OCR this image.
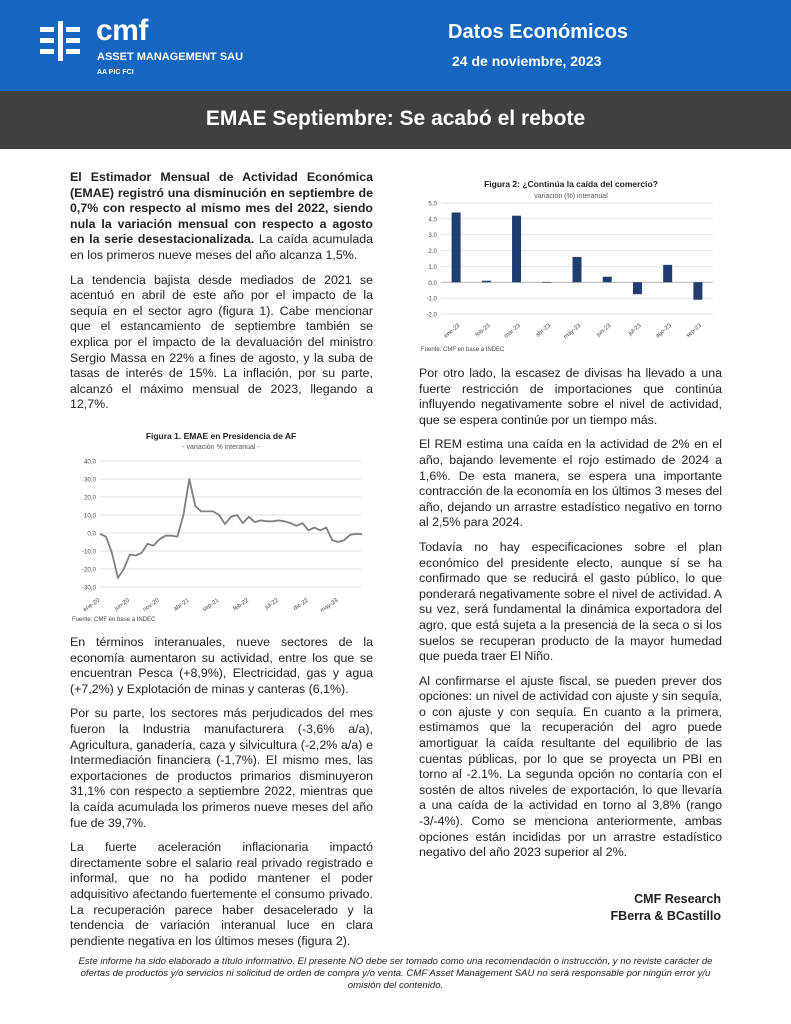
cmf
ASSET MANAGEMENT SAU
AA PIC FCI
Datos Económicos
24 de noviembre, 2023
EMAE Septiembre: Se acabó el rebote

El Estimador Mensual de Actividad Económica (EMAE) registró una disminución en septiembre de 0,7% con respecto al mismo mes del 2022, siendo nula la variación mensual con respecto a agosto en la serie desestacionalizada. La caída acumulada en los primeros nueve meses del año alcanza 1,5%.

La tendencia bajista desde mediados de 2021 se acentuó en abril de este año por el impacto de la sequía en el sector agro (figura 1). Cabe mencionar que el estancamiento de septiembre también se explica por el impacto de la devaluación del ministro Sergio Massa en 22% a fines de agosto, y la suba de tasas de interés de 15%. La inflación, por su parte, alcanzó el máximo mensual de 2023, llegando a 12,7%.

Figura 1. EMAE en Presidencia de AF
- variación % interanual -
40,0
30,0
20,0
10,0
0,0
-10,0
-20,0
-30,0
ene-20 jun-20 nov-20 abr-21 sep-21 feb-22 jul-22 dic-22 may-23
Fuente: CMF en base a INDEC

En términos interanuales, nueve sectores de la economía aumentaron su actividad, entre los que se encuentran Pesca (+8,9%), Electricidad, gas y agua (+7,2%) y Explotación de minas y canteras (6,1%).

Por su parte, los sectores más perjudicados del mes fueron la Industria manufacturera (-3,6% a/a), Agricultura, ganadería, caza y silvicultura (-2,2% a/a) e Intermediación financiera (-1,7%). El mismo mes, las exportaciones de productos primarios disminuyeron 31,1% con respecto a septiembre 2022, mientras que la caída acumulada los primeros nueve meses del año fue de 39,7%.

La fuerte aceleración inflacionaria impactó directamente sobre el salario real privado registrado e informal, que no ha podido mantener el poder adquisitivo afectando fuertemente el consumo privado. La recuperación parece haber desacelerado y la tendencia de variación interanual luce en clara pendiente negativa en los últimos meses (figura 2).

Figura 2: ¿Continúa la caída del comercio?
variación (%) interanual
5.0
4.0
3.0
2.0
1.0
0.0
-1.0
-2.0
ene-23 feb-23 mar-23 abr-23 may-23 jun-23	jul-23 ago-23 sep-23
Fuente: CMF en base a INDEC

Por otro lado, la escasez de divisas ha llevado a una fuerte restricción de importaciones que continúa influyendo negativamente sobre el nivel de actividad, que se espera continúe por un tiempo más.

El REM estima una caída en la actividad de 2% en el año, bajando levemente el rojo estimado de 2024 a 1,6%. De esta manera, se espera una importante contracción de la economía en los últimos 3 meses del año, dejando un arrastre estadístico negativo en torno al 2,5% para 2024.

Todavía no hay especificaciones sobre el plan económico del presidente electo, aunque sí se ha confirmado que se reducirá el gasto público, lo que ponderará negativamente sobre el nivel de actividad. A su vez, será fundamental la dinámica exportadora del agro, que está sujeta a la presencia de la seca o si los suelos se recuperan producto de la mayor humedad que pueda traer El Niño.

Al confirmarse el ajuste fiscal, se pueden prever dos opciones: un nivel de actividad con ajuste y sin sequía, o con ajuste y con sequía. En cuanto a la primera, estimamos que la recuperación del agro puede amortiguar la caída resultante del equilibrio de las cuentas públicas, por lo que se proyecta un PBI en torno al -2.1%. La segunda opción no contaría con el sostén de altos niveles de exportación, lo que llevaría a una caída de la actividad en torno al 3,8% (rango -3/-4%). Como se menciona anteriormente, ambas opciones están incididas por un arrastre estadístico negativo del año 2023 superior al 2%.

CMF Research
FBerra & BCastillo
Este informe ha sido elaborado a título informativo. El presente NO debe ser tomado como una recomendación o instrucción, y no reviste carácter de ofertas de productos y/o servicios ni solicitud de orden de compra y/o venta. CMF Asset Management SAU no será responsable por ningún error y/u omisión del contenido.
